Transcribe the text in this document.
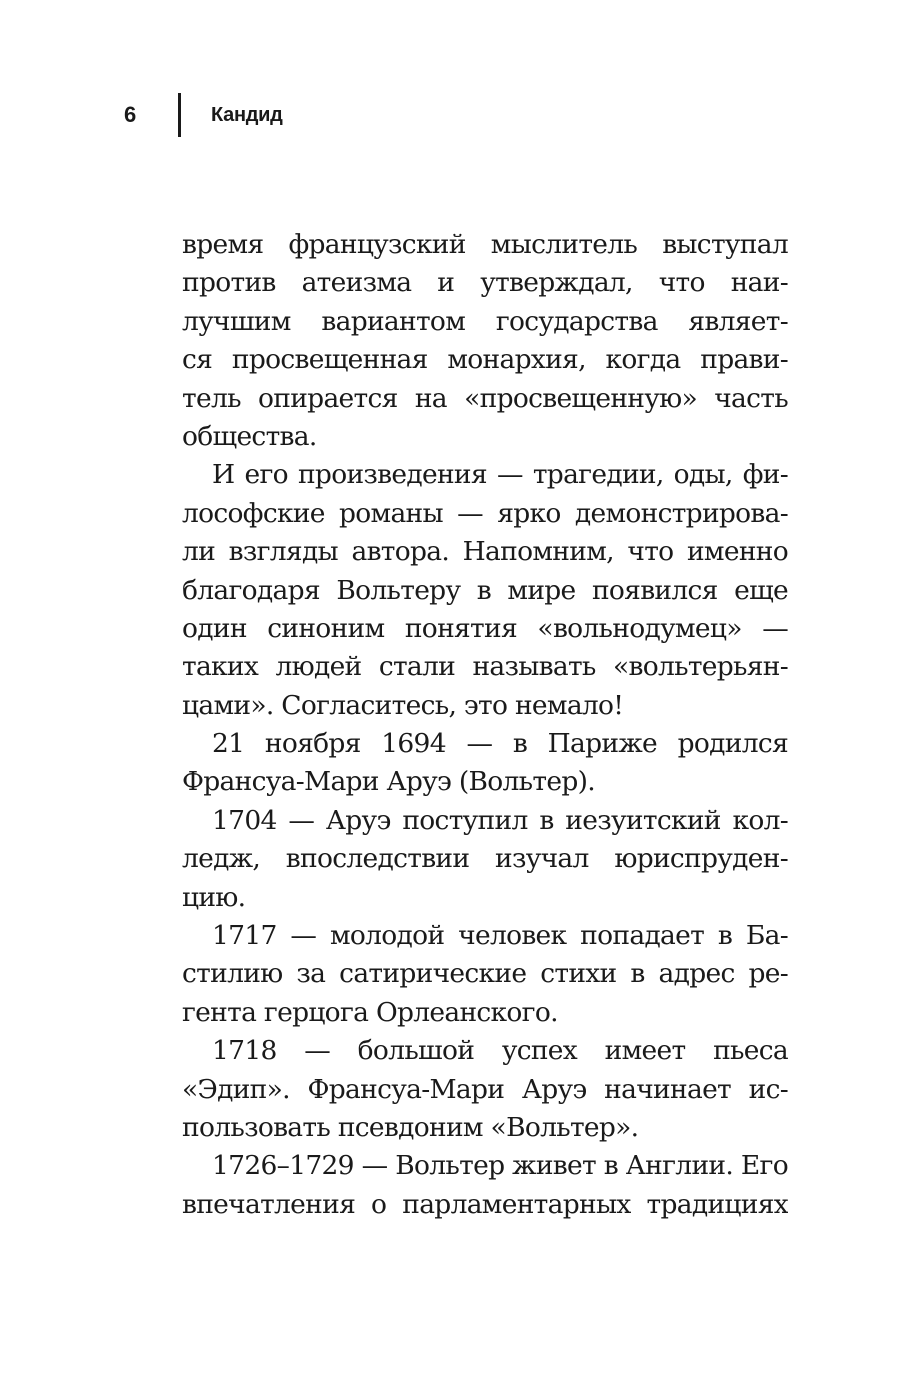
6	Кандид
время французский мыслитель выступал
против атеизма и утверждал, что наи-
лучшим вариантом государства являет-
ся просвещенная монархия, когда прави-
тель опирается на «просвещенную» часть
общества.
И его произведения — трагедии, оды, фи-
лософские романы — ярко демонстрирова-
ли взгляды автора. Напомним, что именно
благодаря Вольтеру в мире появился еще
один синоним понятия «вольнодумец» —
таких людей стали называть «вольтерьян-
цами». Согласитесь, это немало!
21 ноября 1694 — в Париже родился
Франсуа-Мари Аруэ (Вольтер).
1704 — Аруэ поступил в иезуитский кол-
ледж, впоследствии изучал юриспруден-
цию.
1717 — молодой человек попадает в Ба-
стилию за сатирические стихи в адрес ре-
гента герцога Орлеанского.
1718 — большой успех имеет пьеса
«Эдип». Франсуа-Мари Аруэ начинает ис-
пользовать псевдоним «Вольтер».
1726–1729 — Вольтер живет в Англии. Его
впечатления о парламентарных традициях
